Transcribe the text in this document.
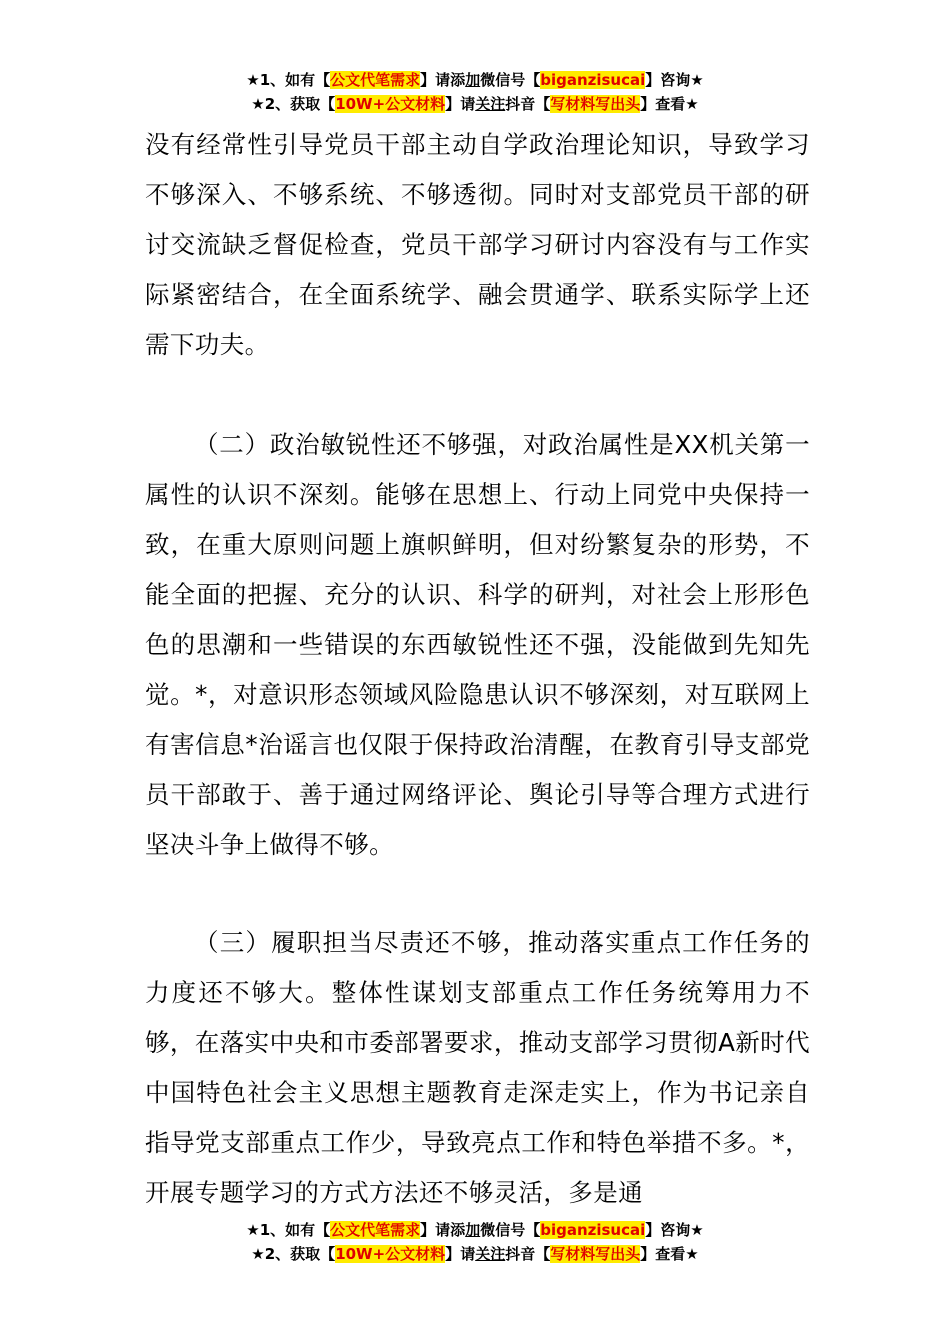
★1、如有【公文代笔需求】请添加微信号【biganzisucai】咨询★
★2、获取【10W+公文材料】请关注抖音【写材料写出头】查看★

没有经常性引导党员干部主动自学政治理论知识，导致学习不够深入、不够系统、不够透彻。同时对支部党员干部的研讨交流缺乏督促检查，党员干部学习研讨内容没有与工作实际紧密结合，在全面系统学、融会贯通学、联系实际学上还需下功夫。

（二）政治敏锐性还不够强，对政治属性是XX机关第一属性的认识不深刻。能够在思想上、行动上同党中央保持一致，在重大原则问题上旗帜鲜明，但对纷繁复杂的形势，不能全面的把握、充分的认识、科学的研判，对社会上形形色色的思潮和一些错误的东西敏锐性还不强，没能做到先知先觉。*，对意识形态领域风险隐患认识不够深刻，对互联网上有害信息*治谣言也仅限于保持政治清醒，在教育引导支部党员干部敢于、善于通过网络评论、舆论引导等合理方式进行坚决斗争上做得不够。

（三）履职担当尽责还不够，推动落实重点工作任务的力度还不够大。整体性谋划支部重点工作任务统筹用力不够，在落实中央和市委部署要求，推动支部学习贯彻A新时代中国特色社会主义思想主题教育走深走实上，作为书记亲自指导党支部重点工作少，导致亮点工作和特色举措不多。*，开展专题学习的方式方法还不够灵活，多是通

★1、如有【公文代笔需求】请添加微信号【biganzisucai】咨询★
★2、获取【10W+公文材料】请关注抖音【写材料写出头】查看★
